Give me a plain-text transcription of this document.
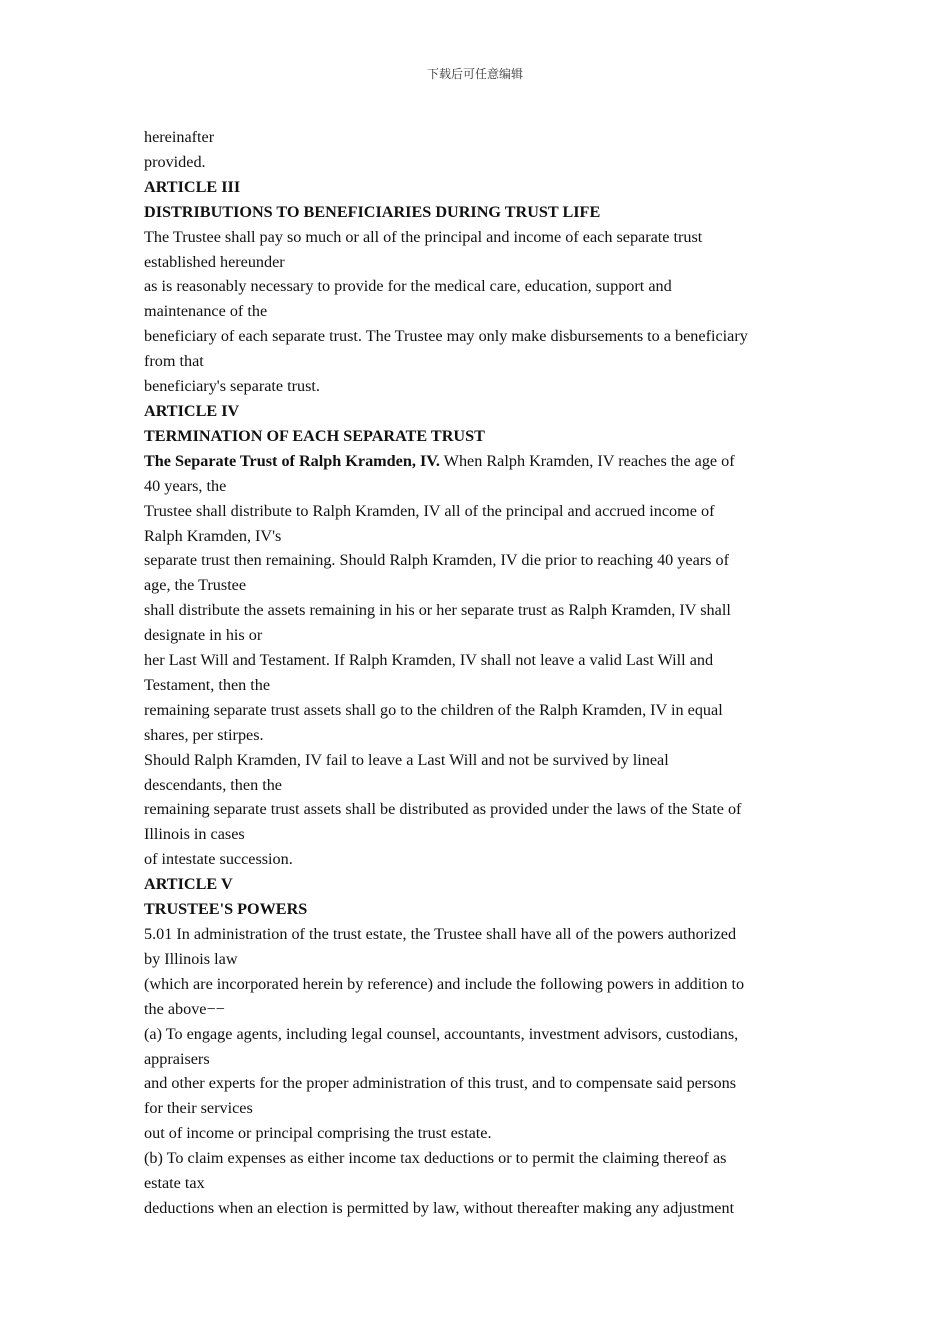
下载后可任意编辑
hereinafter
provided.
ARTICLE III
DISTRIBUTIONS TO BENEFICIARIES DURING TRUST LIFE
The Trustee shall pay so much or all of the principal and income of each separate trust
established hereunder
as is reasonably necessary to provide for the medical care, education, support and
maintenance of the
beneficiary of each separate trust. The Trustee may only make disbursements to a beneficiary
from that
beneficiary's separate trust.
ARTICLE IV
TERMINATION OF EACH SEPARATE TRUST
The Separate Trust of Ralph Kramden, IV. When Ralph Kramden, IV reaches the age of
40 years, the
Trustee shall distribute to Ralph Kramden, IV all of the principal and accrued income of
Ralph Kramden, IV's
separate trust then remaining. Should Ralph Kramden, IV die prior to reaching 40 years of
age, the Trustee
shall distribute the assets remaining in his or her separate trust as Ralph Kramden, IV shall
designate in his or
her Last Will and Testament. If Ralph Kramden, IV shall not leave a valid Last Will and
Testament, then the
remaining separate trust assets shall go to the children of the Ralph Kramden, IV in equal
shares, per stirpes.
Should Ralph Kramden, IV fail to leave a Last Will and not be survived by lineal
descendants, then the
remaining separate trust assets shall be distributed as provided under the laws of the State of
Illinois in cases
of intestate succession.
ARTICLE V
TRUSTEE'S POWERS
5.01 In administration of the trust estate, the Trustee shall have all of the powers authorized
by Illinois law
(which are incorporated herein by reference) and include the following powers in addition to
the above−−
(a) To engage agents, including legal counsel, accountants, investment advisors, custodians,
appraisers
and other experts for the proper administration of this trust, and to compensate said persons
for their services
out of income or principal comprising the trust estate.
(b) To claim expenses as either income tax deductions or to permit the claiming thereof as
estate tax
deductions when an election is permitted by law, without thereafter making any adjustment
